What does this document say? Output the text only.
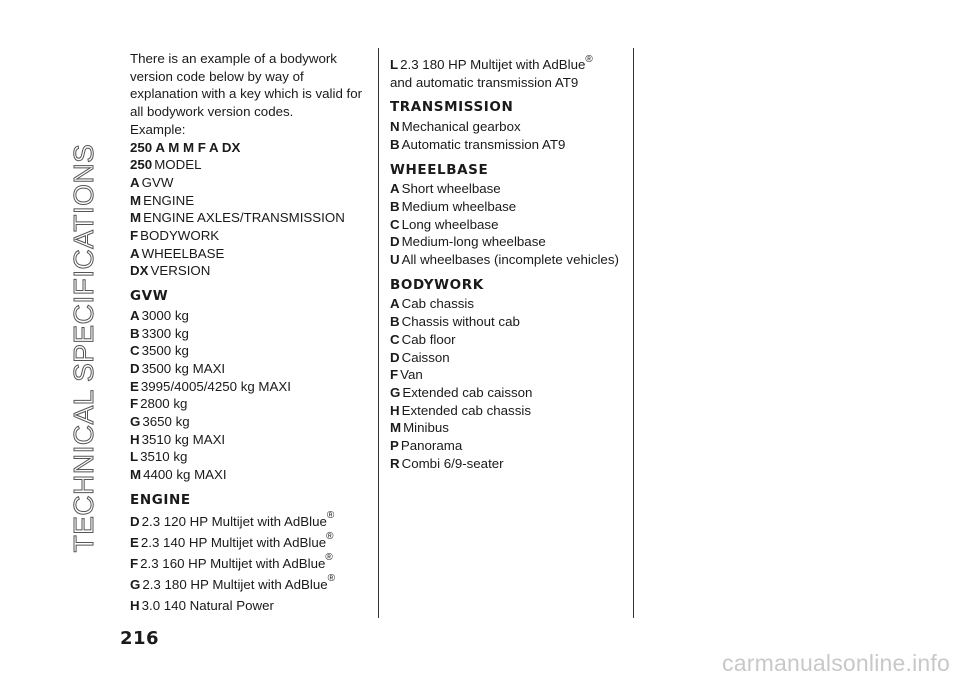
TECHNICAL SPECIFICATIONS

There is an example of a bodywork version code below by way of explanation with a key which is valid for all bodywork version codes.

Example:

250 A M M F A DX

250 MODEL

A GVW

M ENGINE

M ENGINE AXLES/TRANSMISSION

F BODYWORK

A WHEELBASE

DX VERSION

GVW

A 3000 kg

B 3300 kg

C 3500 kg

D 3500 kg MAXI

E 3995/4005/4250 kg MAXI

F 2800 kg

G 3650 kg

H 3510 kg MAXI

L 3510 kg

M 4400 kg MAXI

ENGINE

D 2.3 120 HP Multijet with AdBlue®

E 2.3 140 HP Multijet with AdBlue®

F 2.3 160 HP Multijet with AdBlue®

G 2.3 180 HP Multijet with AdBlue®

H 3.0 140 Natural Power

L 2.3 180 HP Multijet with AdBlue®

and automatic transmission AT9

TRANSMISSION

N Mechanical gearbox

B Automatic transmission AT9

WHEELBASE

A Short wheelbase

B Medium wheelbase

C Long wheelbase

D Medium-long wheelbase

U All wheelbases (incomplete vehicles)

BODYWORK

A Cab chassis

B Chassis without cab

C Cab floor

D Caisson

F Van

G Extended cab caisson

H Extended cab chassis

M Minibus

P Panorama

R Combi 6/9-seater

216
carmanualsonline.info
